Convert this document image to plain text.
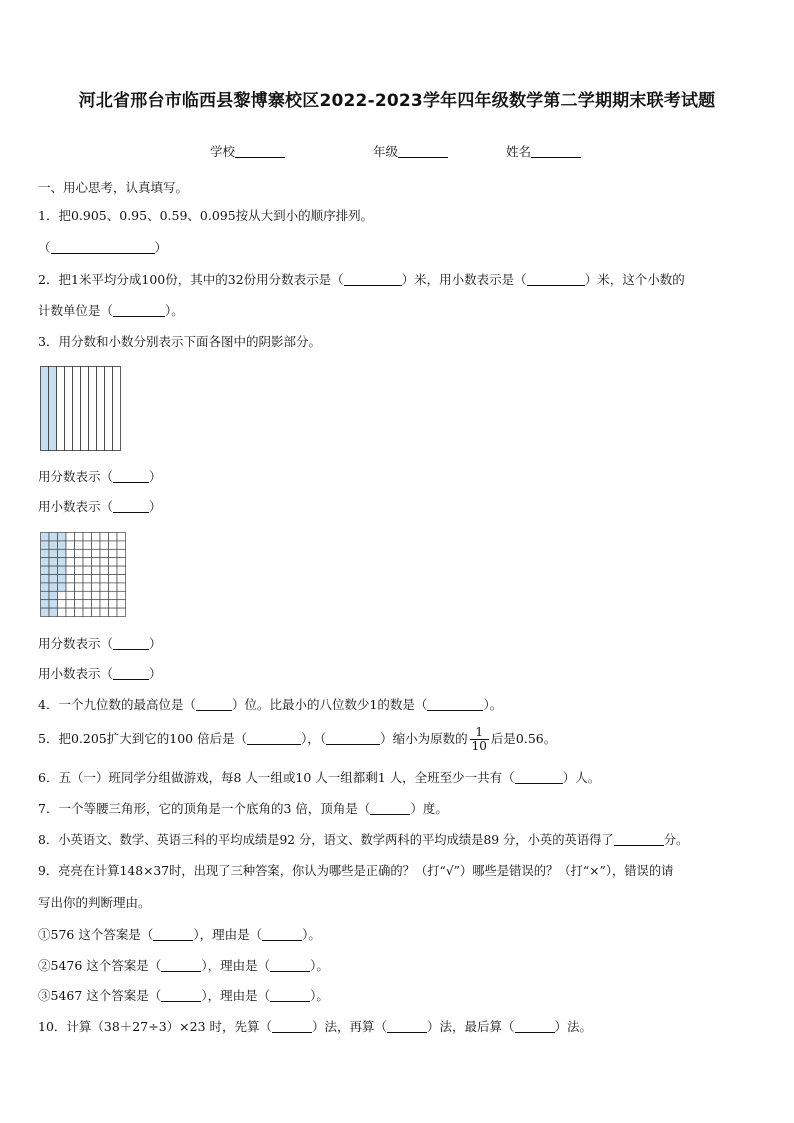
河北省邢台市临西县黎博寨校区2022-2023学年四年级数学第二学期期末联考试题
学校	年级	姓名
一、用心思考，认真填写。
1．把0.905、0.95、0.59、0.095按从大到小的顺序排列。
（	）
2．把1米平均分成100份，其中的32份用分数表示是（	）米，用小数表示是（	）米，这个小数的
计数单位是（	）。
3．用分数和小数分别表示下面各图中的阴影部分。
用分数表示（	）
用小数表示（	）
用分数表示（	）
用小数表示（	）
4．一个九位数的最高位是（	）位。比最小的八位数少1的数是（	）。
5．把0.205扩大到它的100 倍后是（	），（	）缩小为原数的 $\frac{1}{10}$ 后是0.56。
6．五（一）班同学分组做游戏，每8 人一组或10 人一组都剩1 人，全班至少一共有（	）人。
7．一个等腰三角形，它的顶角是一个底角的3 倍，顶角是（	）度。
8．小英语文、数学、英语三科的平均成绩是92 分，语文、数学两科的平均成绩是89 分，小英的英语得了	分。
9．亮亮在计算148×37时，出现了三种答案，你认为哪些是正确的？（打“√”）哪些是错误的？（打“×”），错误的请
写出你的判断理由。
①576 这个答案是（	），理由是（	）。
②5476 这个答案是（	），理由是（	）。
③5467 这个答案是（	），理由是（	）。
10．计算（38＋27÷3）×23 时，先算（	）法，再算（	）法，最后算（	）法。
